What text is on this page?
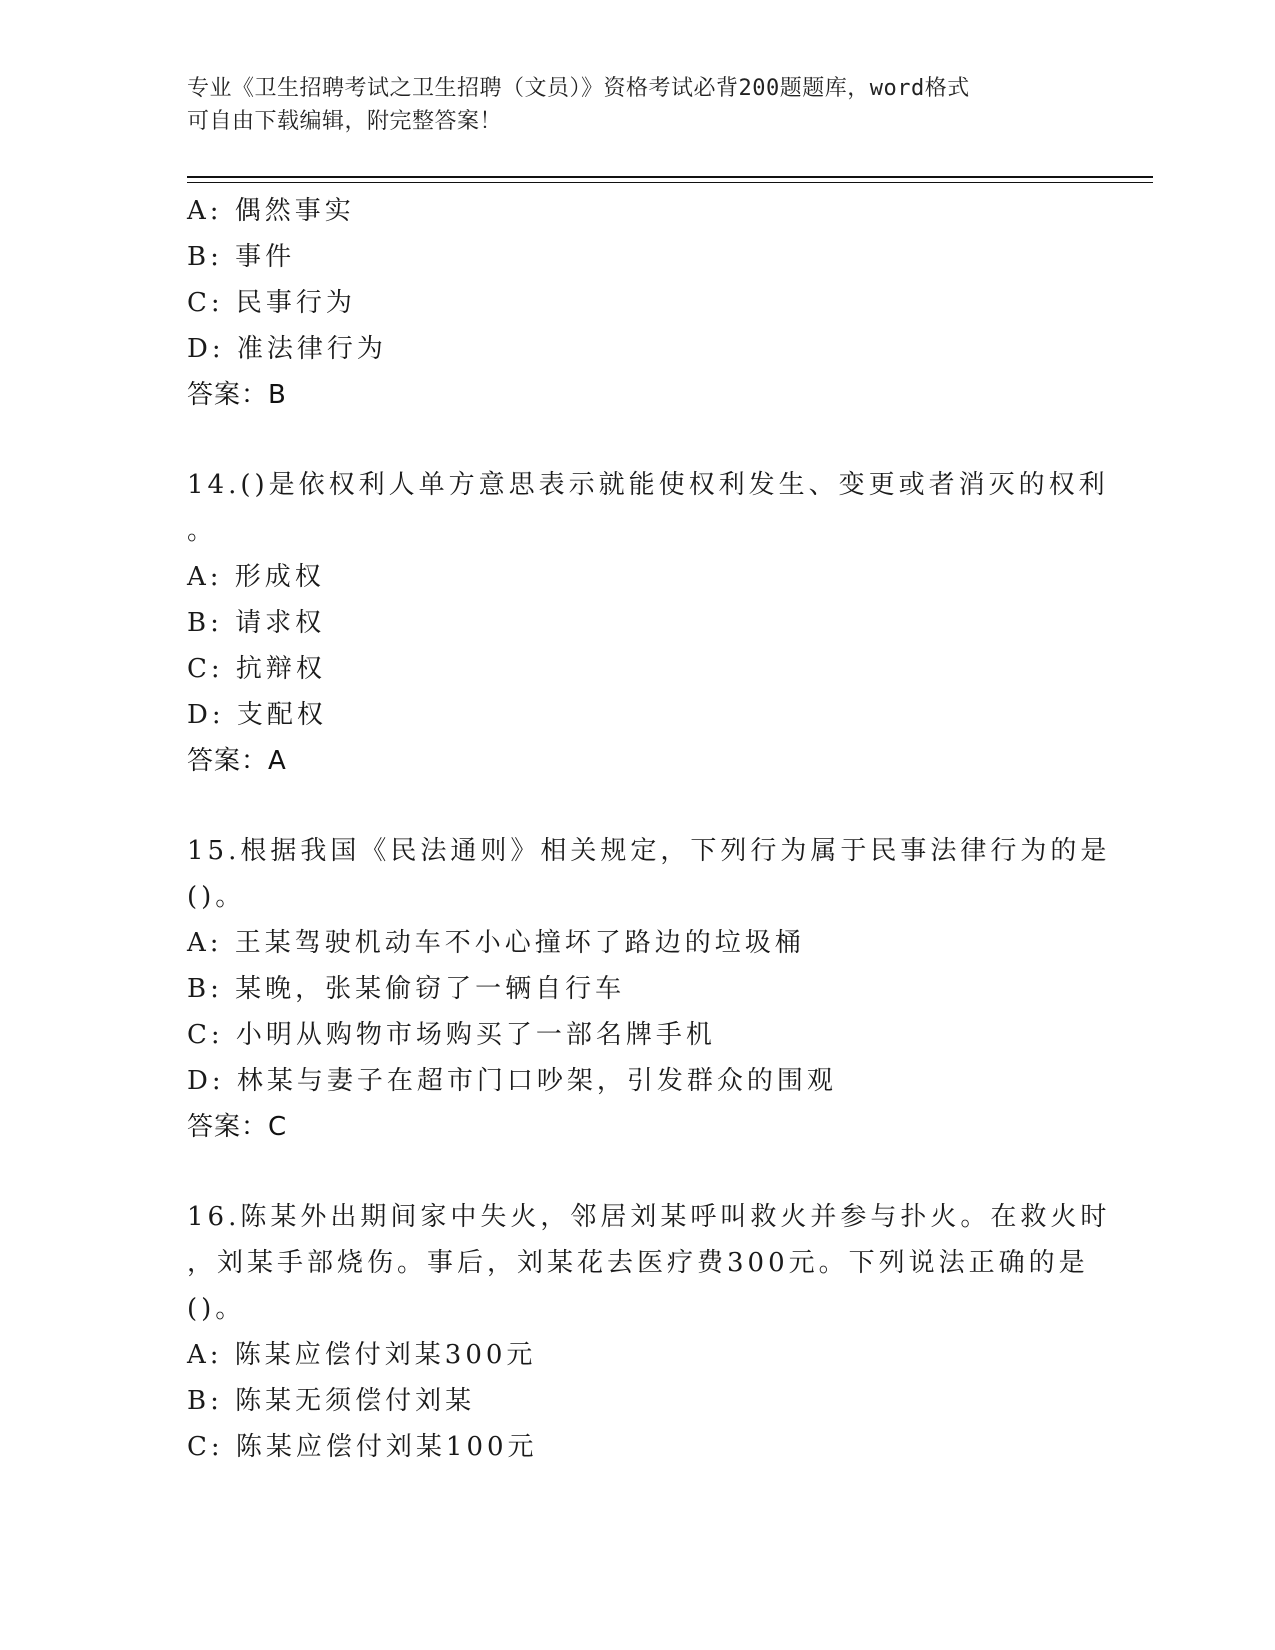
专业《卫生招聘考试之卫生招聘（文员）》资格考试必背200题题库，word格式
可自由下载编辑，附完整答案！
A: 偶然事实
B: 事件
C: 民事行为
D: 准法律行为
答案：B
14.()是依权利人单方意思表示就能使权利发生、变更或者消灭的权利
。
A: 形成权
B: 请求权
C: 抗辩权
D: 支配权
答案：A
15.根据我国《民法通则》相关规定，下列行为属于民事法律行为的是
()。
A: 王某驾驶机动车不小心撞坏了路边的垃圾桶
B: 某晚，张某偷窃了一辆自行车
C: 小明从购物市场购买了一部名牌手机
D: 林某与妻子在超市门口吵架，引发群众的围观
答案：C
16.陈某外出期间家中失火，邻居刘某呼叫救火并参与扑火。在救火时
，刘某手部烧伤。事后，刘某花去医疗费300元。下列说法正确的是
()。
A: 陈某应偿付刘某300元
B: 陈某无须偿付刘某
C: 陈某应偿付刘某100元
